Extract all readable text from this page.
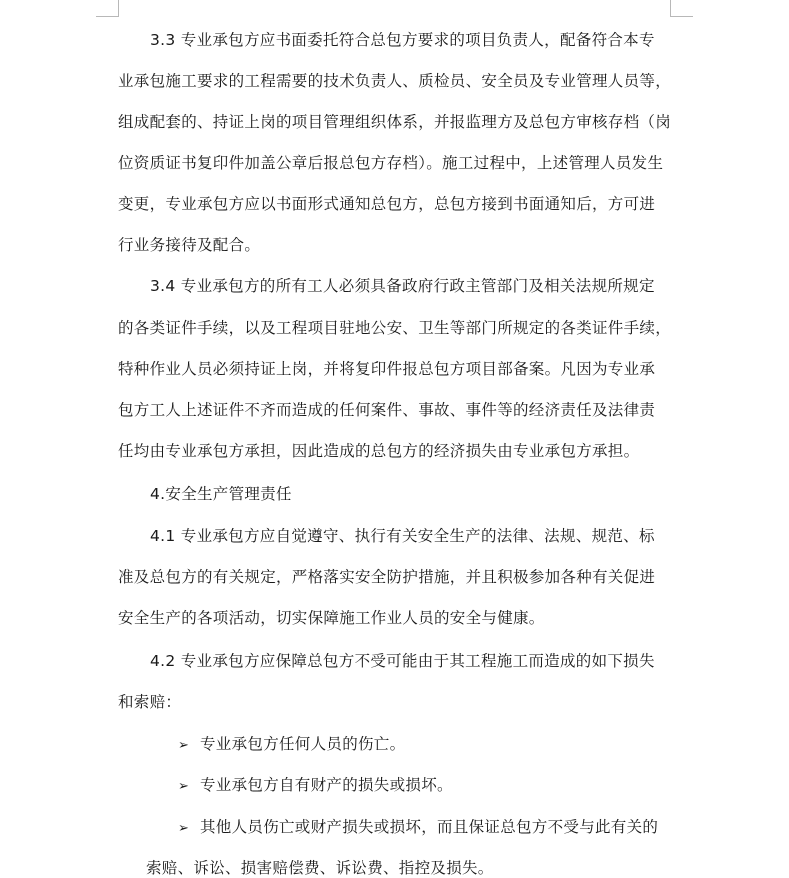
3.3 专业承包方应书面委托符合总包方要求的项目负责人，配备符合本专
业承包施工要求的工程需要的技术负责人、质检员、安全员及专业管理人员等，
组成配套的、持证上岗的项目管理组织体系，并报监理方及总包方审核存档（岗
位资质证书复印件加盖公章后报总包方存档）。施工过程中，上述管理人员发生
变更，专业承包方应以书面形式通知总包方，总包方接到书面通知后，方可进
行业务接待及配合。
3.4 专业承包方的所有工人必须具备政府行政主管部门及相关法规所规定
的各类证件手续，以及工程项目驻地公安、卫生等部门所规定的各类证件手续，
特种作业人员必须持证上岗，并将复印件报总包方项目部备案。凡因为专业承
包方工人上述证件不齐而造成的任何案件、事故、事件等的经济责任及法律责
任均由专业承包方承担，因此造成的总包方的经济损失由专业承包方承担。
4.安全生产管理责任
4.1 专业承包方应自觉遵守、执行有关安全生产的法律、法规、规范、标
准及总包方的有关规定，严格落实安全防护措施，并且积极参加各种有关促进
安全生产的各项活动，切实保障施工作业人员的安全与健康。
4.2 专业承包方应保障总包方不受可能由于其工程施工而造成的如下损失
和索赔：
➢ 专业承包方任何人员的伤亡。
➢ 专业承包方自有财产的损失或损坏。
➢ 其他人员伤亡或财产损失或损坏，而且保证总包方不受与此有关的
索赔、诉讼、损害赔偿费、诉讼费、指控及损失。
